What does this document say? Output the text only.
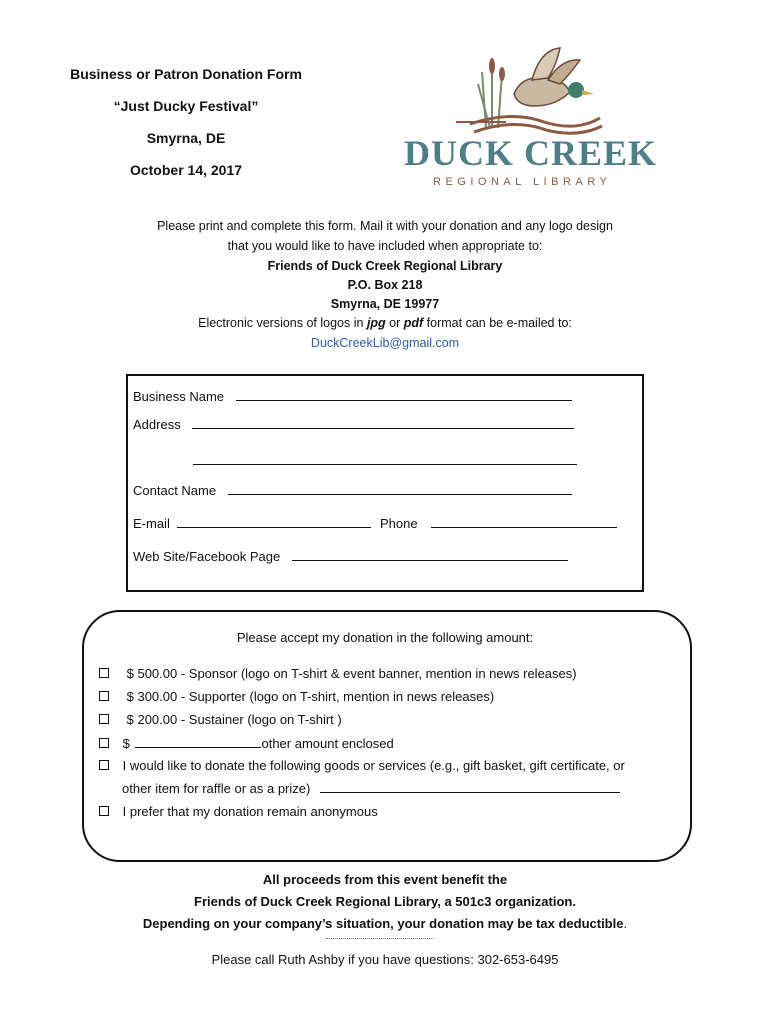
Business or Patron Donation Form
“Just Ducky Festival”
Smyrna, DE
October 14, 2017	DUCK CREEK
REGIONAL LIBRARY
Please print and complete this form. Mail it with your donation and any logo design
that you would like to have included when appropriate to:
Friends of Duck Creek Regional Library
P.O. Box 218
Smyrna, DE 19977
Electronic versions of logos in jpg or pdf format can be e-mailed to:
DuckCreekLib@gmail.com
Business Name
Address
Contact Name
E-mail	Phone
Web Site/Facebook Page
Please accept my donation in the following amount:
$ 500.00 - Sponsor (logo on T-shirt & event banner, mention in news releases)
$ 300.00 - Supporter (logo on T-shirt, mention in news releases)
$ 200.00 - Sustainer (logo on T-shirt )
$	other amount enclosed
I would like to donate the following goods or services (e.g., gift basket, gift certificate, or
other item for raffle or as a prize)
I prefer that my donation remain anonymous
All proceeds from this event benefit the
Friends of Duck Creek Regional Library, a 501c3 organization.
Depending on your company’s situation, your donation may be tax deductible.
Please call Ruth Ashby if you have questions: 302-653-6495
